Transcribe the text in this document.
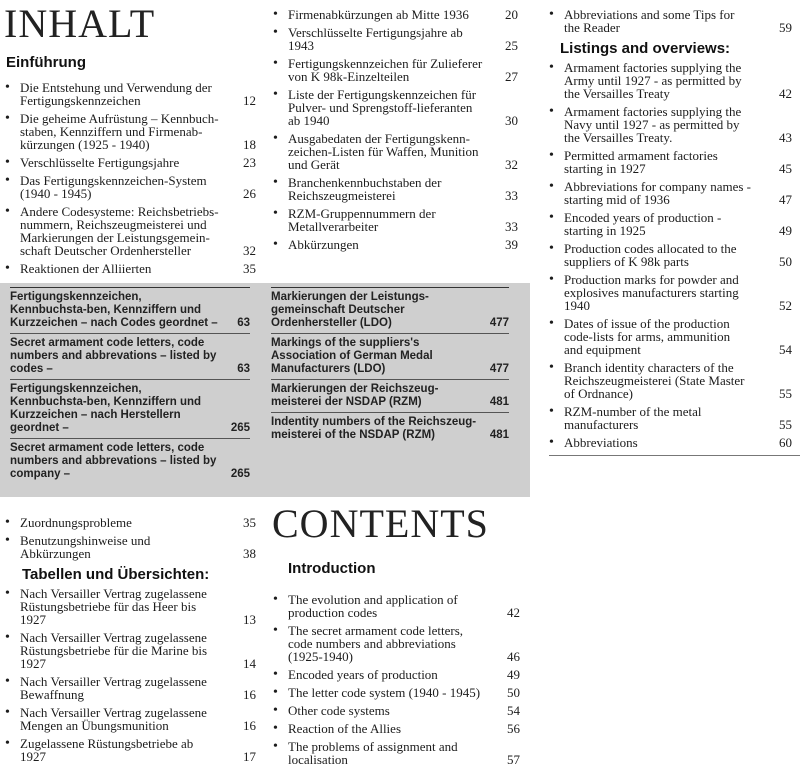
INHALT
Einführung
• Die Entstehung und Verwendung der Fertigungskennzeichen	12
• Die geheime Aufrüstung – Kennbuch-staben, Kennziffern und Firmenab-kürzungen (1925 - 1940)	18
• Verschlüsselte Fertigungsjahre	23
• Das Fertigungskennzeichen-System (1940 - 1945)	26
• Andere Codesysteme: Reichsbetriebs-nummern, Reichszeugmeisterei und Markierungen der Leistungsgemein-schaft Deutscher Ordenhersteller	32
• Reaktionen der Alliierten	35
• Firmenabkürzungen ab Mitte 1936	20
• Verschlüsselte Fertigungsjahre ab 1943	25
• Fertigungskennzeichen für Zulieferer von K 98k-Einzelteilen	27
• Liste der Fertigungskennzeichen für Pulver- und Sprengstoff-lieferanten ab 1940	30
• Ausgabedaten der Fertigungskenn-zeichen-Listen für Waffen, Munition und Gerät	32
• Branchenkennbuchstaben der Reichszeugmeisterei	33
• RZM-Gruppennummern der Metallverarbeiter	33
• Abkürzungen	39
Fertigungskennzeichen, Kennbuchsta-ben, Kennziffern und Kurzzeichen – nach Codes geordnet – 63
Secret armament code letters, code numbers and abbrevations – listed by codes –	63
Fertigungskennzeichen, Kennbuchsta-ben, Kennziffern und Kurzzeichen – nach Herstellern geordnet –	265
Secret armament code letters, code numbers and abbrevations – listed by company –	265
Markierungen der Leistungs-gemeinschaft Deutscher Ordenhersteller (LDO)	477
Markings of the suppliers's Association of German Medal Manufacturers (LDO)	477
Markierungen der Reichszeug-meisterei der NSDAP (RZM)	481
Indentity numbers of the Reichszeug-meisterei of the NSDAP (RZM)	481
• Zuordnungsprobleme	35
• Benutzungshinweise und Abkürzungen	38
Tabellen und Übersichten:
• Nach Versailler Vertrag zugelassene Rüstungsbetriebe für das Heer bis 1927	13
• Nach Versailler Vertrag zugelassene Rüstungsbetriebe für die Marine bis 1927	14
• Nach Versailler Vertrag zugelassene Bewaffnung	16
• Nach Versailler Vertrag zugelassene Mengen an Übungsmunition	16
• Zugelassene Rüstungsbetriebe ab 1927	17
CONTENTS
Introduction
• The evolution and application of production codes	42
• The secret armament code letters, code numbers and abbreviations (1925-1940)	46
• Encoded years of production	49
• The letter code system (1940 - 1945) 50
• Other code systems	54
• Reaction of the Allies	56
• The problems of assignment and localisation	57
• Abbreviations and some Tips for the Reader	59
Listings and overviews:
• Armament factories supplying the Army until 1927 - as permitted by the Versailles Treaty	42
• Armament factories supplying the Navy until 1927 - as permitted by the Versailles Treaty.	43
• Permitted armament factories starting in 1927	45
• Abbreviations for company names - starting mid of 1936	47
• Encoded years of production - starting in 1925	49
• Production codes allocated to the suppliers of K 98k parts	50
• Production marks for powder and explosives manufacturers starting 1940	52
• Dates of issue of the production code-lists for arms, ammunition and equipment	54
• Branch identity characters of the Reichszeugmeisterei (State Master of Ordnance)	55
• RZM-number of the metal manufacturers	55
• Abbreviations	60
